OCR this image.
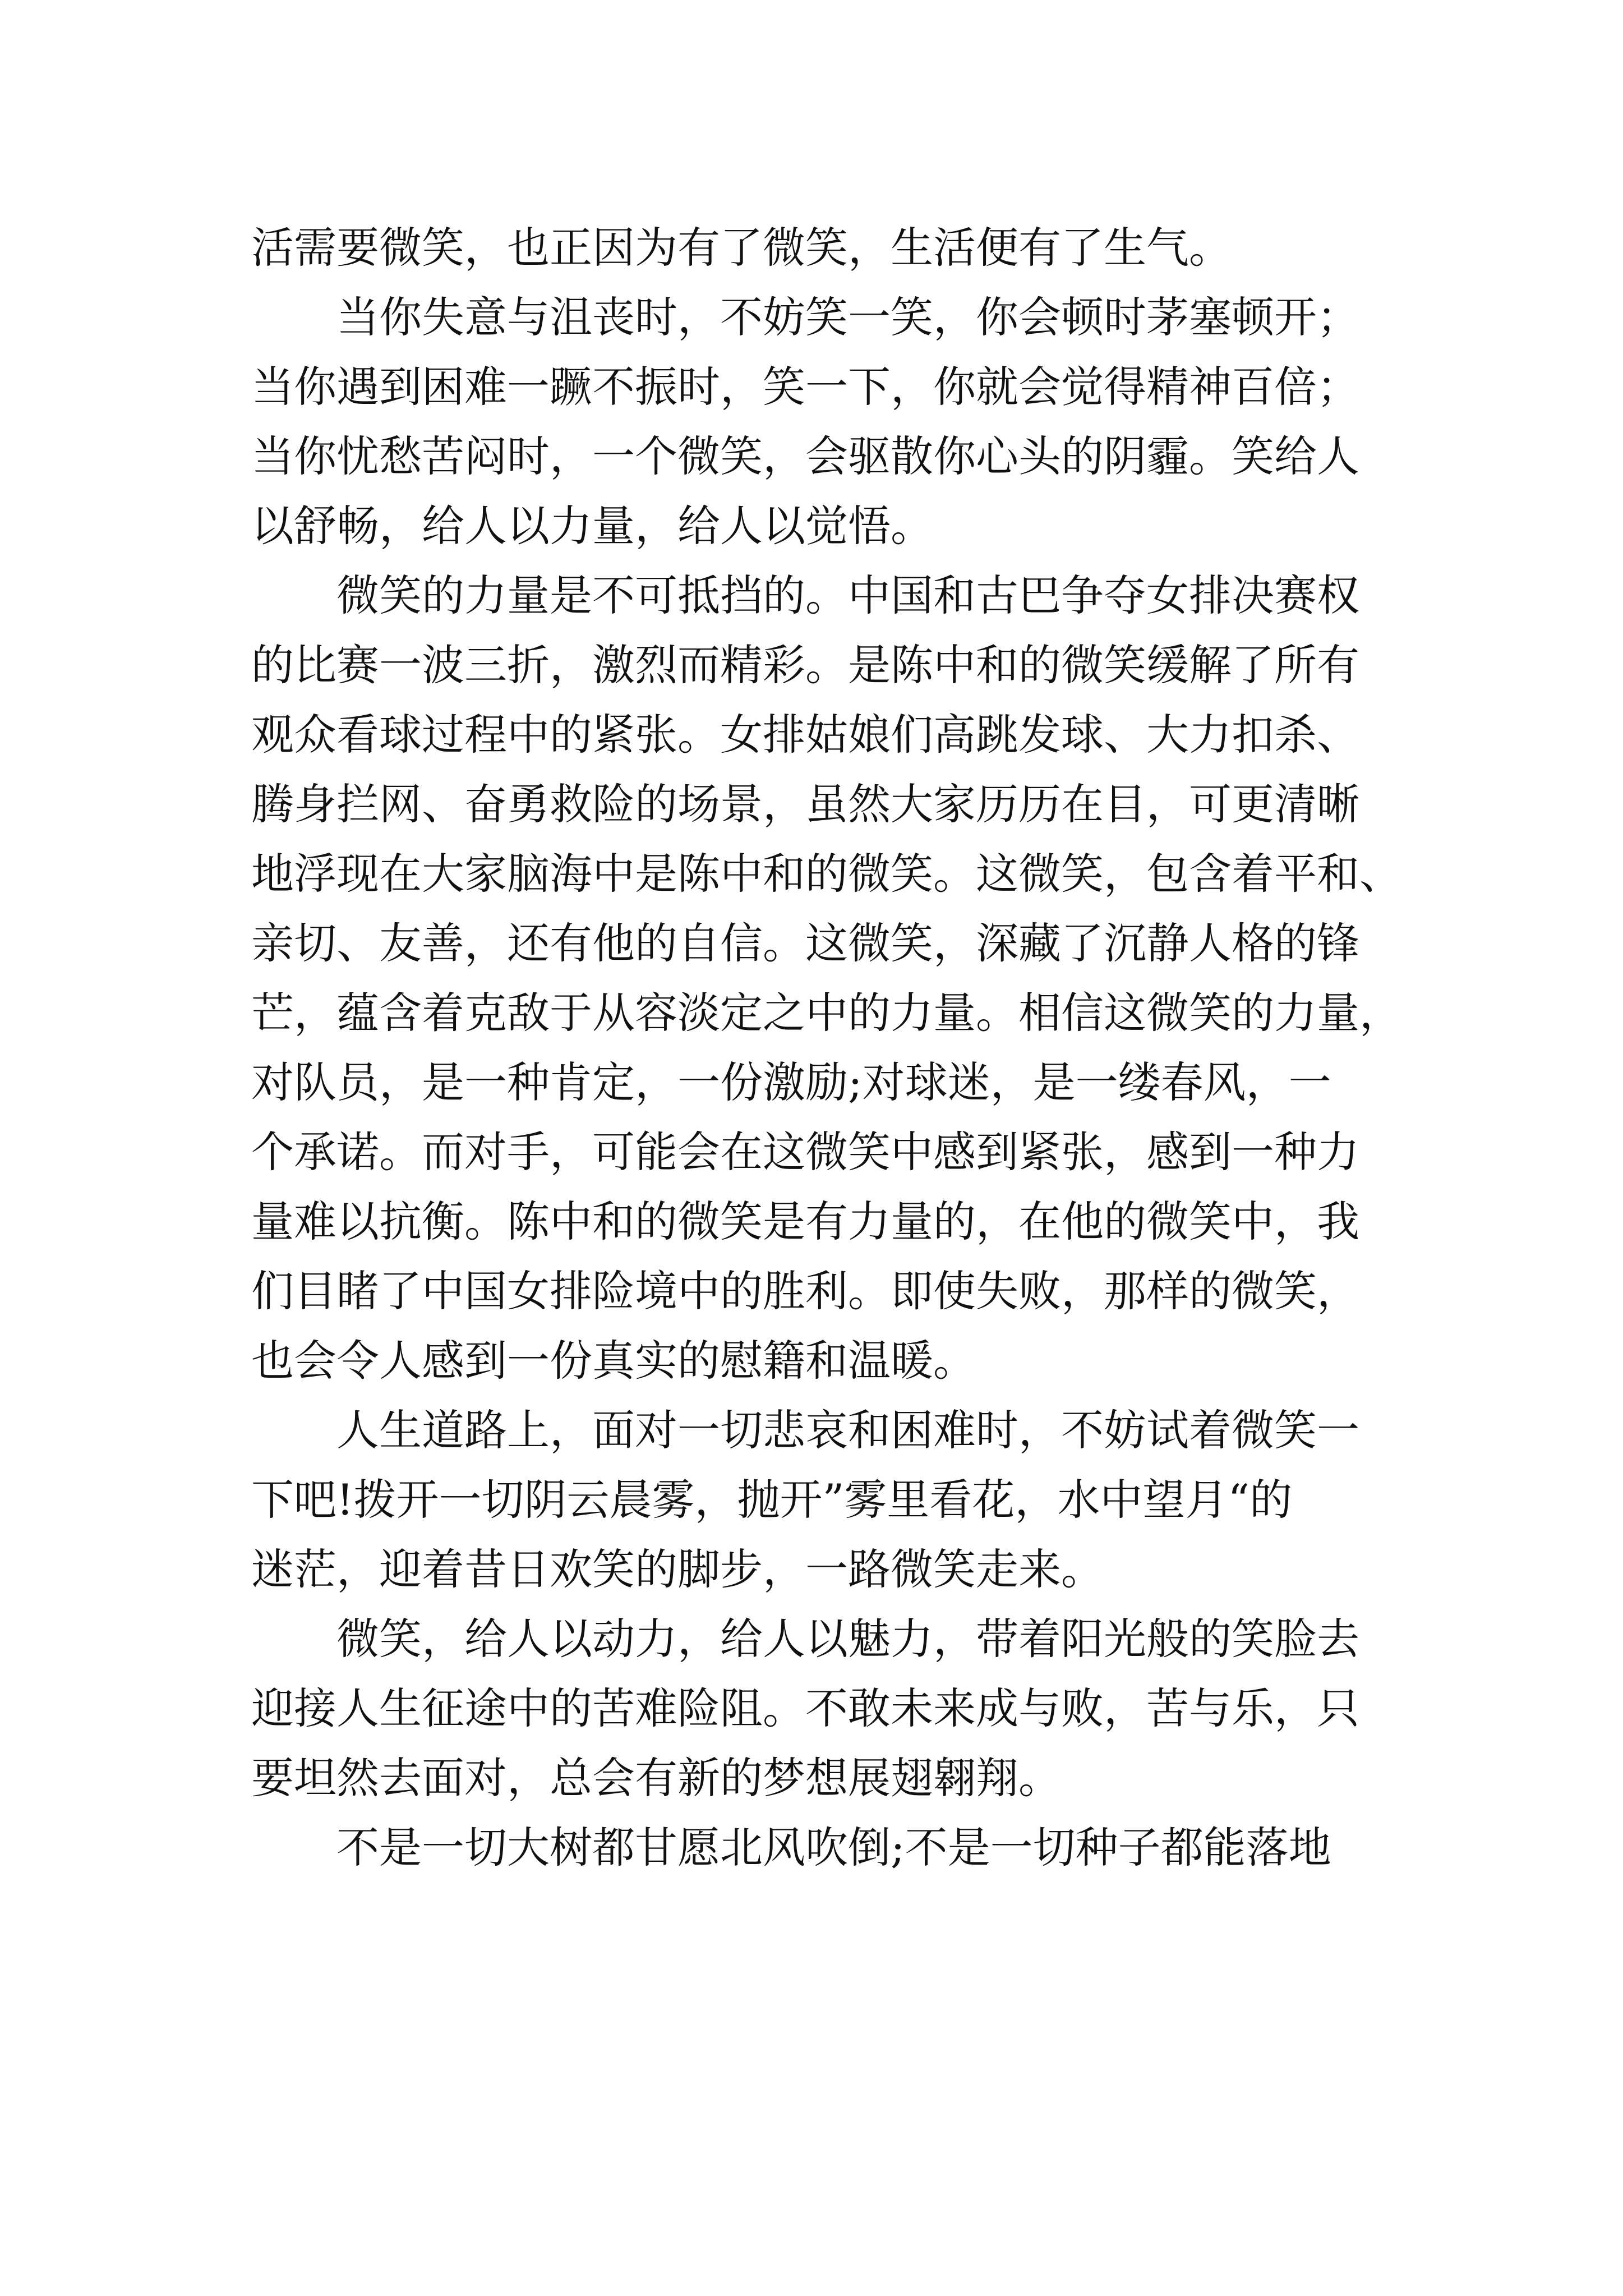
活需要微笑，也正因为有了微笑，生活便有了生气。
当你失意与沮丧时，不妨笑一笑，你会顿时茅塞顿开；
当你遇到困难一蹶不振时，笑一下，你就会觉得精神百倍；
当你忧愁苦闷时，一个微笑，会驱散你心头的阴霾。笑给人
以舒畅，给人以力量，给人以觉悟。
微笑的力量是不可抵挡的。中国和古巴争夺女排决赛权
的比赛一波三折，激烈而精彩。是陈中和的微笑缓解了所有
观众看球过程中的紧张。女排姑娘们高跳发球、大力扣杀、
腾身拦网、奋勇救险的场景，虽然大家历历在目，可更清晰
地浮现在大家脑海中是陈中和的微笑。这微笑，包含着平和、
亲切、友善，还有他的自信。这微笑，深藏了沉静人格的锋
芒，蕴含着克敌于从容淡定之中的力量。相信这微笑的力量，
对队员，是一种肯定，一份激励;对球迷，是一缕春风，一
个承诺。而对手，可能会在这微笑中感到紧张，感到一种力
量难以抗衡。陈中和的微笑是有力量的，在他的微笑中，我
们目睹了中国女排险境中的胜利。即使失败，那样的微笑，
也会令人感到一份真实的慰籍和温暖。
人生道路上，面对一切悲哀和困难时，不妨试着微笑一
下吧!拨开一切阴云晨雾，抛开”雾里看花，水中望月“的
迷茫，迎着昔日欢笑的脚步，一路微笑走来。
微笑，给人以动力，给人以魅力，带着阳光般的笑脸去
迎接人生征途中的苦难险阻。不敢未来成与败，苦与乐，只
要坦然去面对，总会有新的梦想展翅翱翔。
不是一切大树都甘愿北风吹倒;不是一切种子都能落地
